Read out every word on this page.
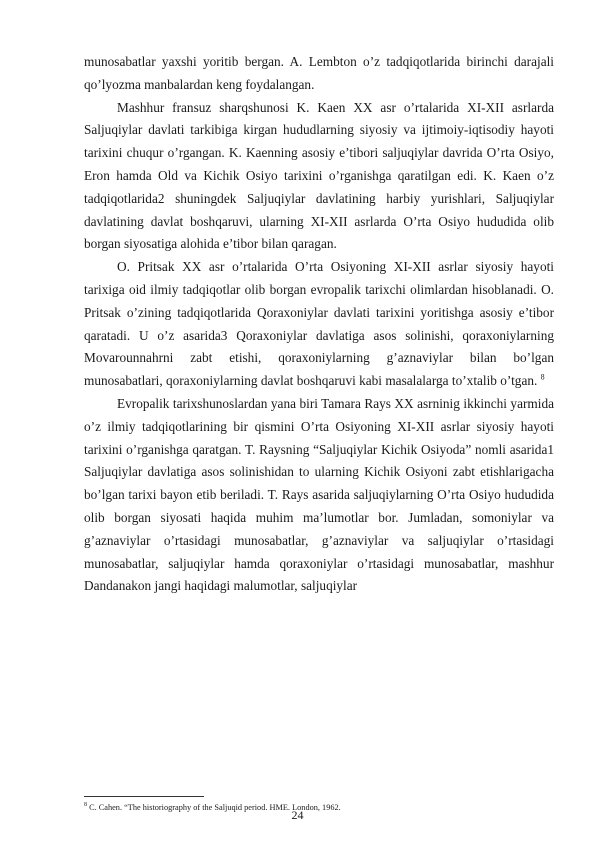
munosabatlar yaxshi yoritib bergan. A. Lembton o’z tadqiqotlarida birinchi darajali qo’lyozma manbalardan keng foydalangan.

Mashhur fransuz sharqshunosi K. Kaen XX asr o’rtalarida XI-XII asrlarda Saljuqiylar davlati tarkibiga kirgan hududlarning siyosiy va ijtimoiy-iqtisodiy hayoti tarixini chuqur o’rgangan. K. Kaenning asosiy e’tibori saljuqiylar davrida O’rta Osiyo, Eron hamda Old va Kichik Osiyo tarixini o’rganishga qaratilgan edi. K. Kaen o’z tadqiqotlarida2 shuningdek Saljuqiylar davlatining harbiy yurishlari, Saljuqiylar davlatining davlat boshqaruvi, ularning XI-XII asrlarda O’rta Osiyo hududida olib borgan siyosatiga alohida e’tibor bilan qaragan.

O. Pritsak XX asr o’rtalarida O’rta Osiyoning XI-XII asrlar siyosiy hayoti tarixiga oid ilmiy tadqiqotlar olib borgan evropalik tarixchi olimlardan hisoblanadi. O. Pritsak o’zining tadqiqotlarida Qoraxoniylar davlati tarixini yoritishga asosiy e’tibor qaratadi. U o’z asarida3 Qoraxoniylar davlatiga asos solinishi, qoraxoniylarning Movarounnahrni zabt etishi, qoraxoniylarning g’aznaviylar bilan bo’lgan munosabatlari, qoraxoniylarning davlat boshqaruvi kabi masalalarga to’xtalib o’tgan. $^8$

Evropalik tarixshunoslardan yana biri Tamara Rays XX asrninig ikkinchi yarmida o’z ilmiy tadqiqotlarining bir qismini O’rta Osiyoning XI-XII asrlar siyosiy hayoti tarixini o’rganishga qaratgan. T. Raysning “Saljuqiylar Kichik Osiyoda” nomli asarida1 Saljuqiylar davlatiga asos solinishidan to ularning Kichik Osiyoni zabt etishlarigacha bo’lgan tarixi bayon etib beriladi. T. Rays asarida saljuqiylarning O’rta Osiyo hududida olib borgan siyosati haqida muhim ma’lumotlar bor. Jumladan, somoniylar va g’aznaviylar o’rtasidagi munosabatlar, g’aznaviylar va saljuqiylar o’rtasidagi munosabatlar, saljuqiylar hamda qoraxoniylar o’rtasidagi munosabatlar, mashhur Dandanakon jangi haqidagi malumotlar, saljuqiylar

$^8$ C. Cahen. “The historiography of the Saljuqid period. HME. London, 1962.
24
